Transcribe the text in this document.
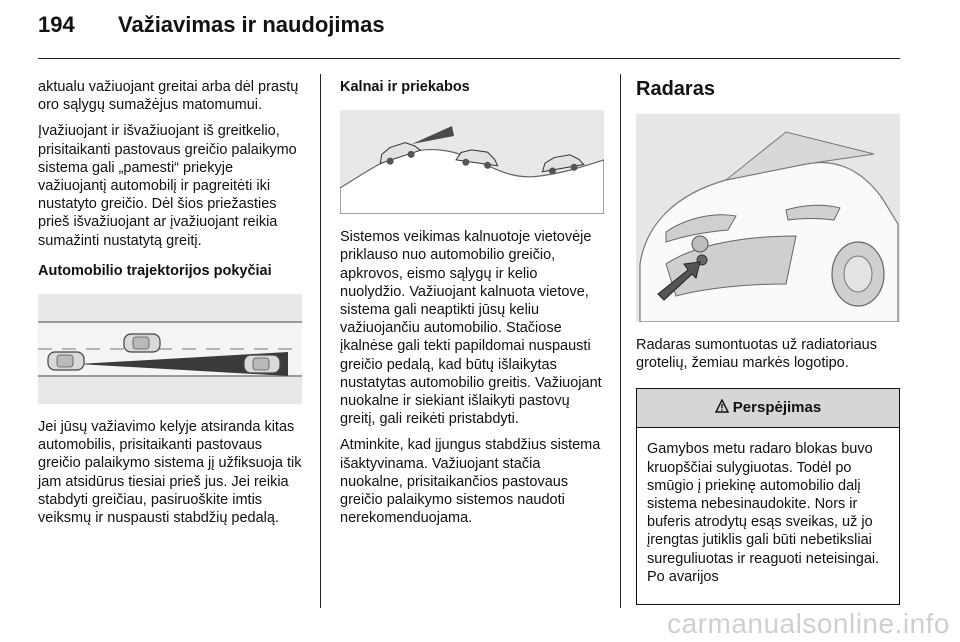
194 Važiavimas ir naudojimas

aktualu važiuojant greitai arba dėl prastų oro sąlygų sumažėjus matomumui.

Įvažiuojant ir išvažiuojant iš greitkelio, prisitaikanti pastovaus greičio palaikymo sistema gali „pamesti“ priekyje važiuojantį automobilį ir pagreitėti iki nustatyto greičio. Dėl šios priežasties prieš išvažiuojant ar įvažiuojant reikia sumažinti nustatytą greitį.

Automobilio trajektorijos pokyčiai

Jei jūsų važiavimo kelyje atsiranda kitas automobilis, prisitaikanti pastovaus greičio palaikymo sistema jį užfiksuoja tik jam atsidūrus tiesiai prieš jus. Jei reikia stabdyti greičiau, pasiruoškite imtis veiksmų ir nuspausti stabdžių pedalą.

Kalnai ir priekabos

Sistemos veikimas kalnuotoje vietovėje priklauso nuo automobilio greičio, apkrovos, eismo sąlygų ir kelio nuolydžio. Važiuojant kalnuota vietove, sistema gali neaptikti jūsų keliu važiuojančiu automobilio. Stačiose įkalnėse gali tekti papildomai nuspausti greičio pedalą, kad būtų išlaikytas nustatytas automobilio greitis. Važiuojant nuokalne ir siekiant išlaikyti pastovų greitį, gali reikėti pristabdyti.

Atminkite, kad įjungus stabdžius sistema išaktyvinama. Važiuojant stačia nuokalne, prisitaikančios pastovaus greičio palaikymo sistemos naudoti nerekomenduojama.

Radaras

Radaras sumontuotas už radiatoriaus grotelių, žemiau markės logotipo.

Perspėjimas
Gamybos metu radaro blokas buvo kruopščiai sulygiuotas. Todėl po smūgio į priekinę automobilio dalį sistema nebesinaudokite. Nors ir buferis atrodytų esąs sveikas, už jo įrengtas jutiklis gali būti nebetiksliai sureguliuotas ir reaguoti neteisingai. Po avarijos
carmanualsonline.info
